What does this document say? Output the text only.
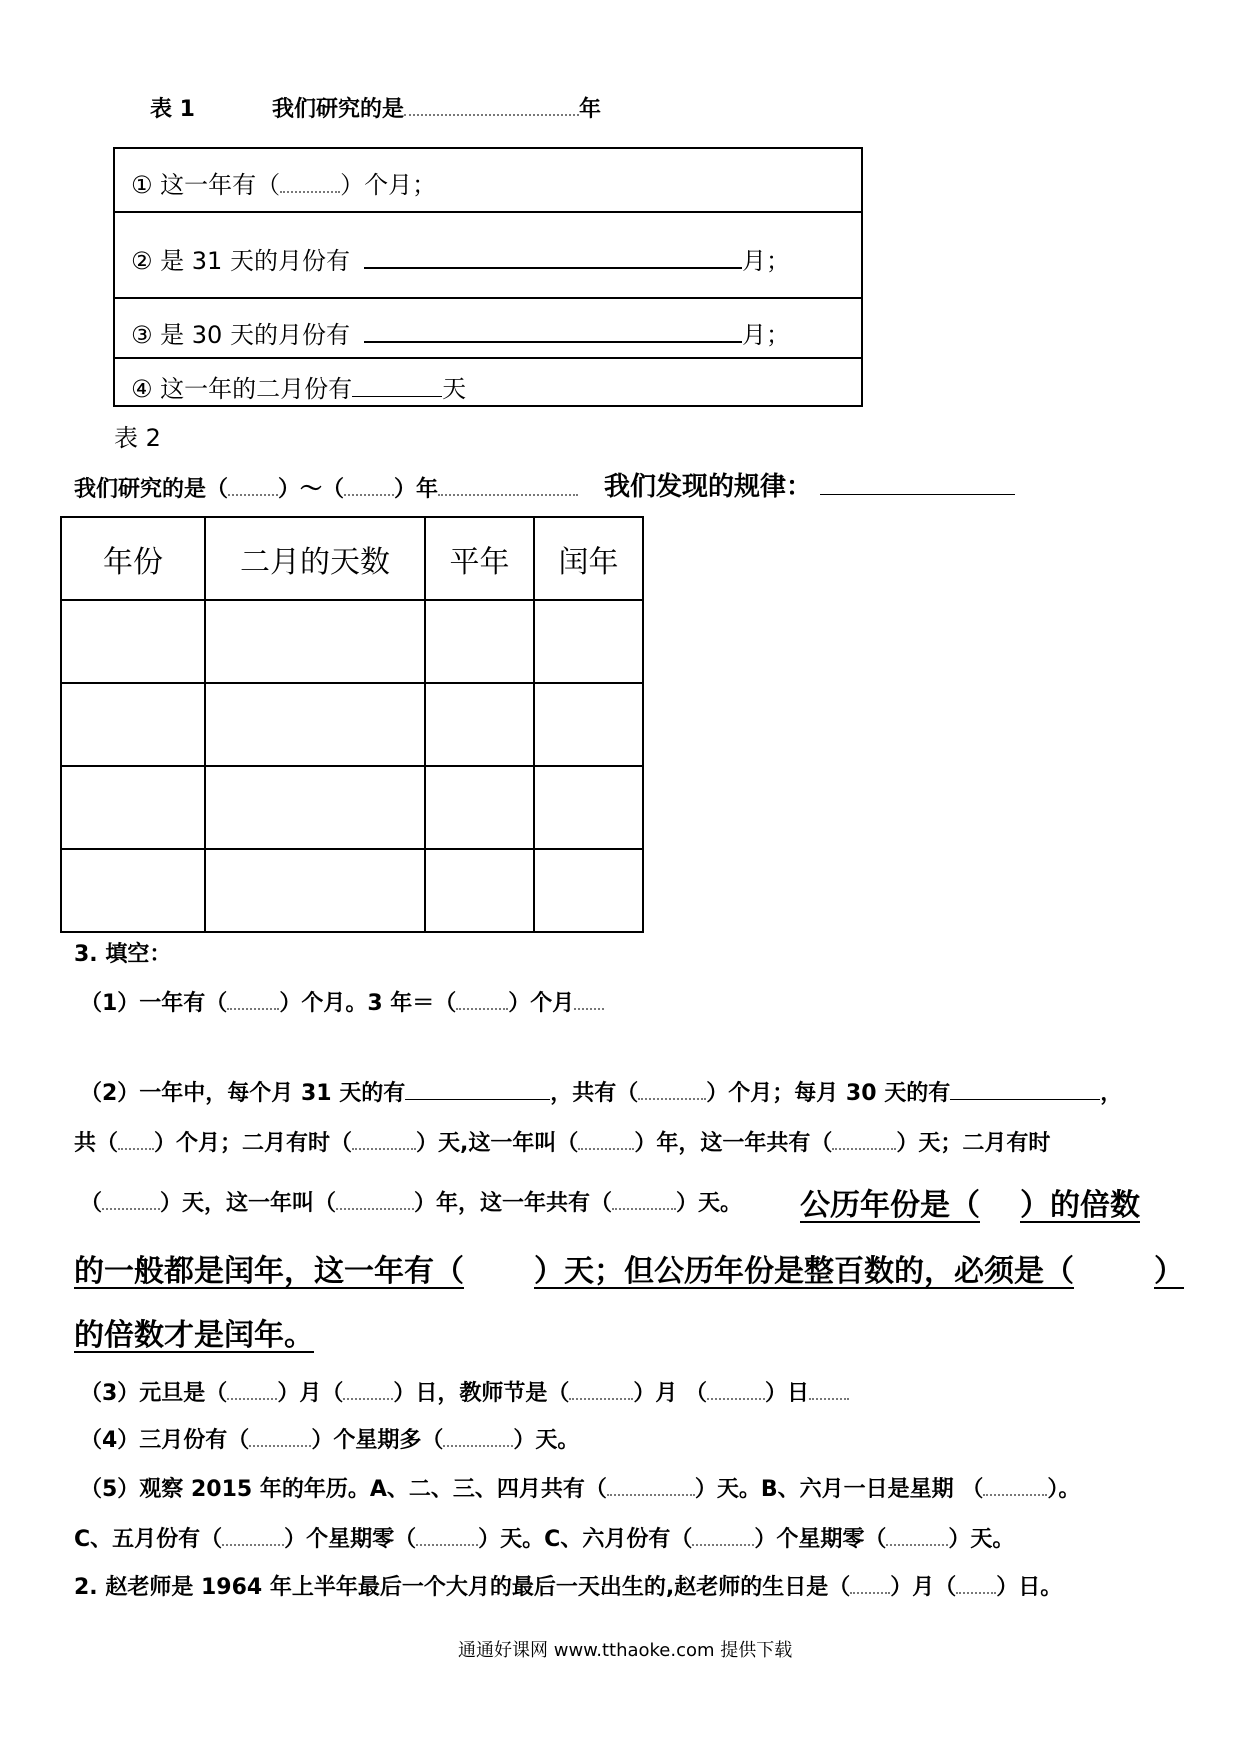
表 1	我们研究的是	年
① 这一年有（	）个月；
② 是 31 天的月份有	月；
③ 是 30 天的月份有	月；
④ 这一年的二月份有	天
表 2
我们研究的是（ ）～（ ）年	我们发现的规律：
年份	二月的天数	平年	闰年

3. 填空：
（1）一年有（ ）个月。3 年＝（ ）个月
（2）一年中，每个月 31 天的有	，共有（	）个月；每月 30 天的有	，
共（ ）个月；二月有时（	）天,这一年叫（	）年，这一年共有（	）天；二月有时
（	）天，这一年叫（	）年，这一年共有（	）天。 公历年份是（ ）的倍数
的一般都是闰年，这一年有（ ）天；但公历年份是整百数的，必须是（	）
的倍数才是闰年。
（3）元旦是（ ）月（ ）日，教师节是（	）月 （	）日
（4）三月份有（	）个星期多（	）天。
（5）观察 2015 年的年历。A、二、三、四月共有（	）天。B、六月一日是星期 （	）。
C、五月份有（	）个星期零（	）天。C、六月份有（	）个星期零（	）天。
2. 赵老师是 1964 年上半年最后一个大月的最后一天出生的,赵老师的生日是（ ）月（ ）日。
通通好课网 www.tthaoke.com 提供下载
